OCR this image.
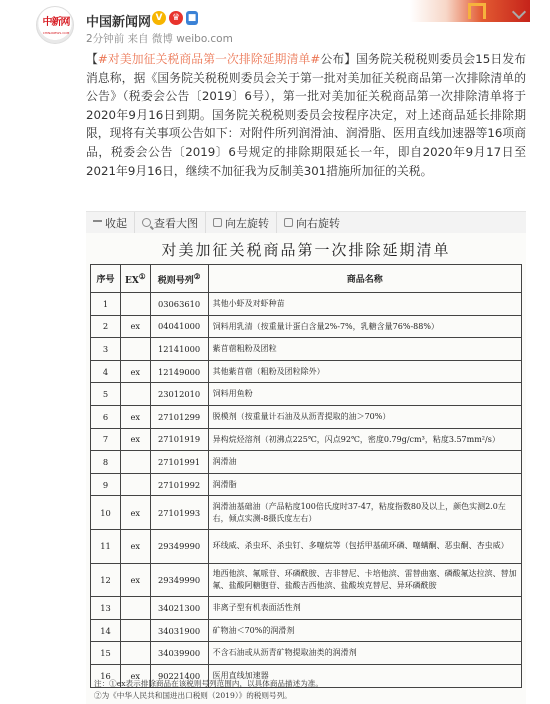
中新网
CHINANEWS.COM
中国新闻网 V	♛ ■
2分钟前 来自 微博 weibo.com
【#对美加征关税商品第一次排除延期清单#公布】国务院关税税则委员会15日发布消息称，据《国务院关税税则委员会关于第一批对美加征关税商品第一次排除清单的公告》（税委会公告〔2019〕6号），第一批对美加征关税商品第一次排除清单将于2020年9月16日到期。国务院关税税则委员会按程序决定，对上述商品延长排除期限，现将有关事项公告如下：对附件所列润滑油、润滑脂、医用直线加速器等16项商品，税委会公告〔2019〕6号规定的排除期限延长一年，即自2020年9月17日至2021年9月16日，继续不加征我为反制美301措施所加征的关税。
收起 查看大图 向左旋转 向右旋转
对美加征关税商品第一次排除延期清单
序号	EX①	税则号列②	商品名称
1		03063610	其他小虾及对虾种苗
2	ex	04041000	饲料用乳清（按重量计蛋白含量2%-7%，乳糖含量76%-88%）
3		12141000	紫苜蓿粗粉及团粒
4	ex	12149000	其他紫苜蓿（粗粉及团粒除外）
5		23012010	饲料用鱼粉
6	ex	27101299	脱模剂（按重量计石油及从沥青提取的油＞70%）
7	ex	27101919	异构烷烃溶剂（初沸点225℃，闪点92℃，密度0.79g/cm³，粘度3.57mm²/s）
8		27101991	润滑油
9		27101992	润滑脂
10	ex	27101993	润滑油基础油（产品粘度100倍氏度时37-47，粘度指数80及以上，颜色实测2.0左右，倾点实测-8摄氏度左右）
11	ex	29349990	环线威、杀虫环、杀虫钉、多噻烷等（包括甲基硫环磷、噻螨酮、恶虫酮、杏虫威）
12	ex	29349990	地西他滨、氟哌苷、环磷酰胺、吉非替尼、卡培他滨、雷替曲塞、磷酸氟达拉滨、替加氟、盐酸阿糖胞苷、盐酸吉西他滨、盐酸埃克替尼、异环磷酰胺
13		34021300	非离子型有机表面活性剂
14		34031900	矿物油＜70%的润滑剂
15		34039900	不含石油或从沥青矿物提取油类的润滑剂
16	ex	90221400	医用直线加速器
注：①ex表示排除商品在该税则号列范围内，以具体商品描述为准。
②为《中华人民共和国进出口税则（2019）》的税则号列。
